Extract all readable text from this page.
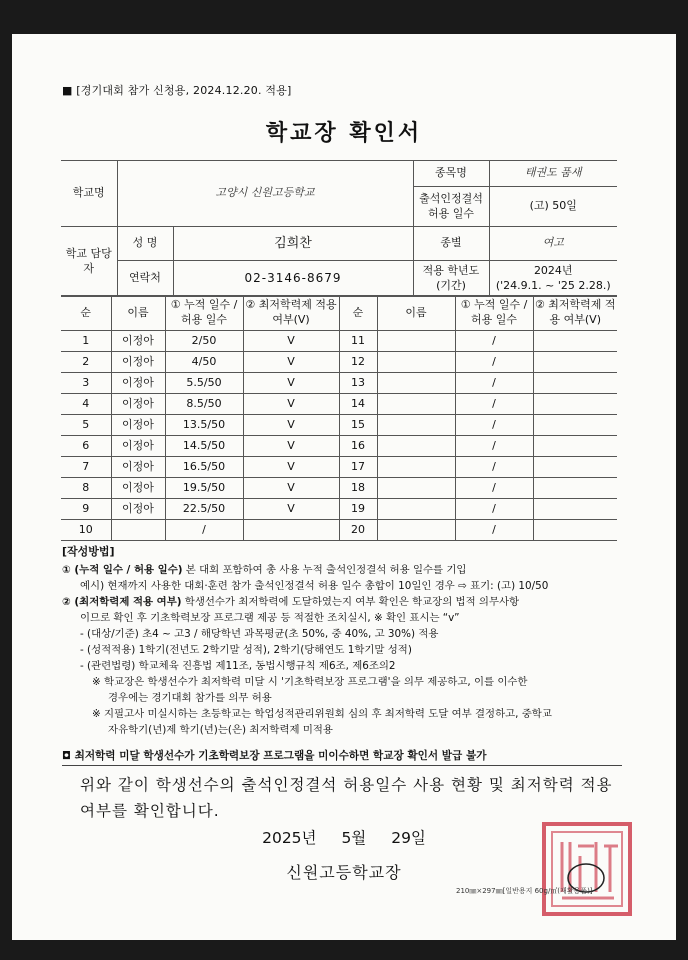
■ [경기대회 참가 신청용, 2024.12.20. 적용]
학교장 확인서
학교명	고양시 신원고등학교		종목명	태권도 품새
			출석인정결석 허용 일수	(고) 50일
학교 담당자	성 명	김희찬	종별	여고
	연락처	02-3146-8679	적용 학년도 (기간)	2024년
('24.9.1. ~ '25 2.28.)
순	이름	① 누적 일수 / 허용 일수	② 최저학력제 적용 여부(V)	순	이름	① 누적 일수 / 허용 일수	② 최저학력제 적용 여부(V)
1	이정아	2/50	V	11		/	
2	이정아	4/50	V	12		/	
3	이정아	5.5/50	V	13		/	
4	이정아	8.5/50	V	14		/	
5	이정아	13.5/50	V	15		/	
6	이정아	14.5/50	V	16		/	
7	이정아	16.5/50	V	17		/	
8	이정아	19.5/50	V	18		/	
9	이정아	22.5/50	V	19		/	
10		/		20		/	

[작성방법]

① (누적 일수 / 허용 일수) 본 대회 포함하여 총 사용 누적 출석인정결석 허용 일수를 기입

예시) 현재까지 사용한 대회·훈련 참가 출석인정결석 허용 일수 총합이 10일인 경우 ⇨ 표기: (고) 10/50

② (최저학력제 적용 여부) 학생선수가 최저학력에 도달하였는지 여부 확인은 학교장의 법적 의무사항

이므로 확인 후 기초학력보장 프로그램 제공 등 적절한 조치실시, ※ 확인 표시는 “v”

- (대상/기준) 초4 ~ 고3 / 해당학년 과목평균(초 50%, 중 40%, 고 30%) 적용

- (성적적용) 1학기(전년도 2학기말 성적), 2학기(당해연도 1학기말 성적)

- (관련법령) 학교체육 진흥법 제11조, 동법시행규칙 제6조, 제6조의2

※ 학교장은 학생선수가 최저학력 미달 시 '기초학력보장 프로그램'을 의무 제공하고, 이를 이수한

경우에는 경기대회 참가를 의무 허용

※ 지필고사 미실시하는 초등학교는 학업성적관리위원회 심의 후 최저학력 도달 여부 결정하고, 중학교

자유학기(년)제 학기(년)는(은) 최저학력제 미적용

◘ 최저학력 미달 학생선수가 기초학력보장 프로그램을 미이수하면 학교장 확인서 발급 불가
위와 같이 학생선수의 출석인정결석 허용일수 사용 현황 및 최저학력 적용 여부를 확인합니다.
2025년 5월 29일
신원고등학교장
210㎜×297㎜[일반용지 60g/㎡(재활용품)]
